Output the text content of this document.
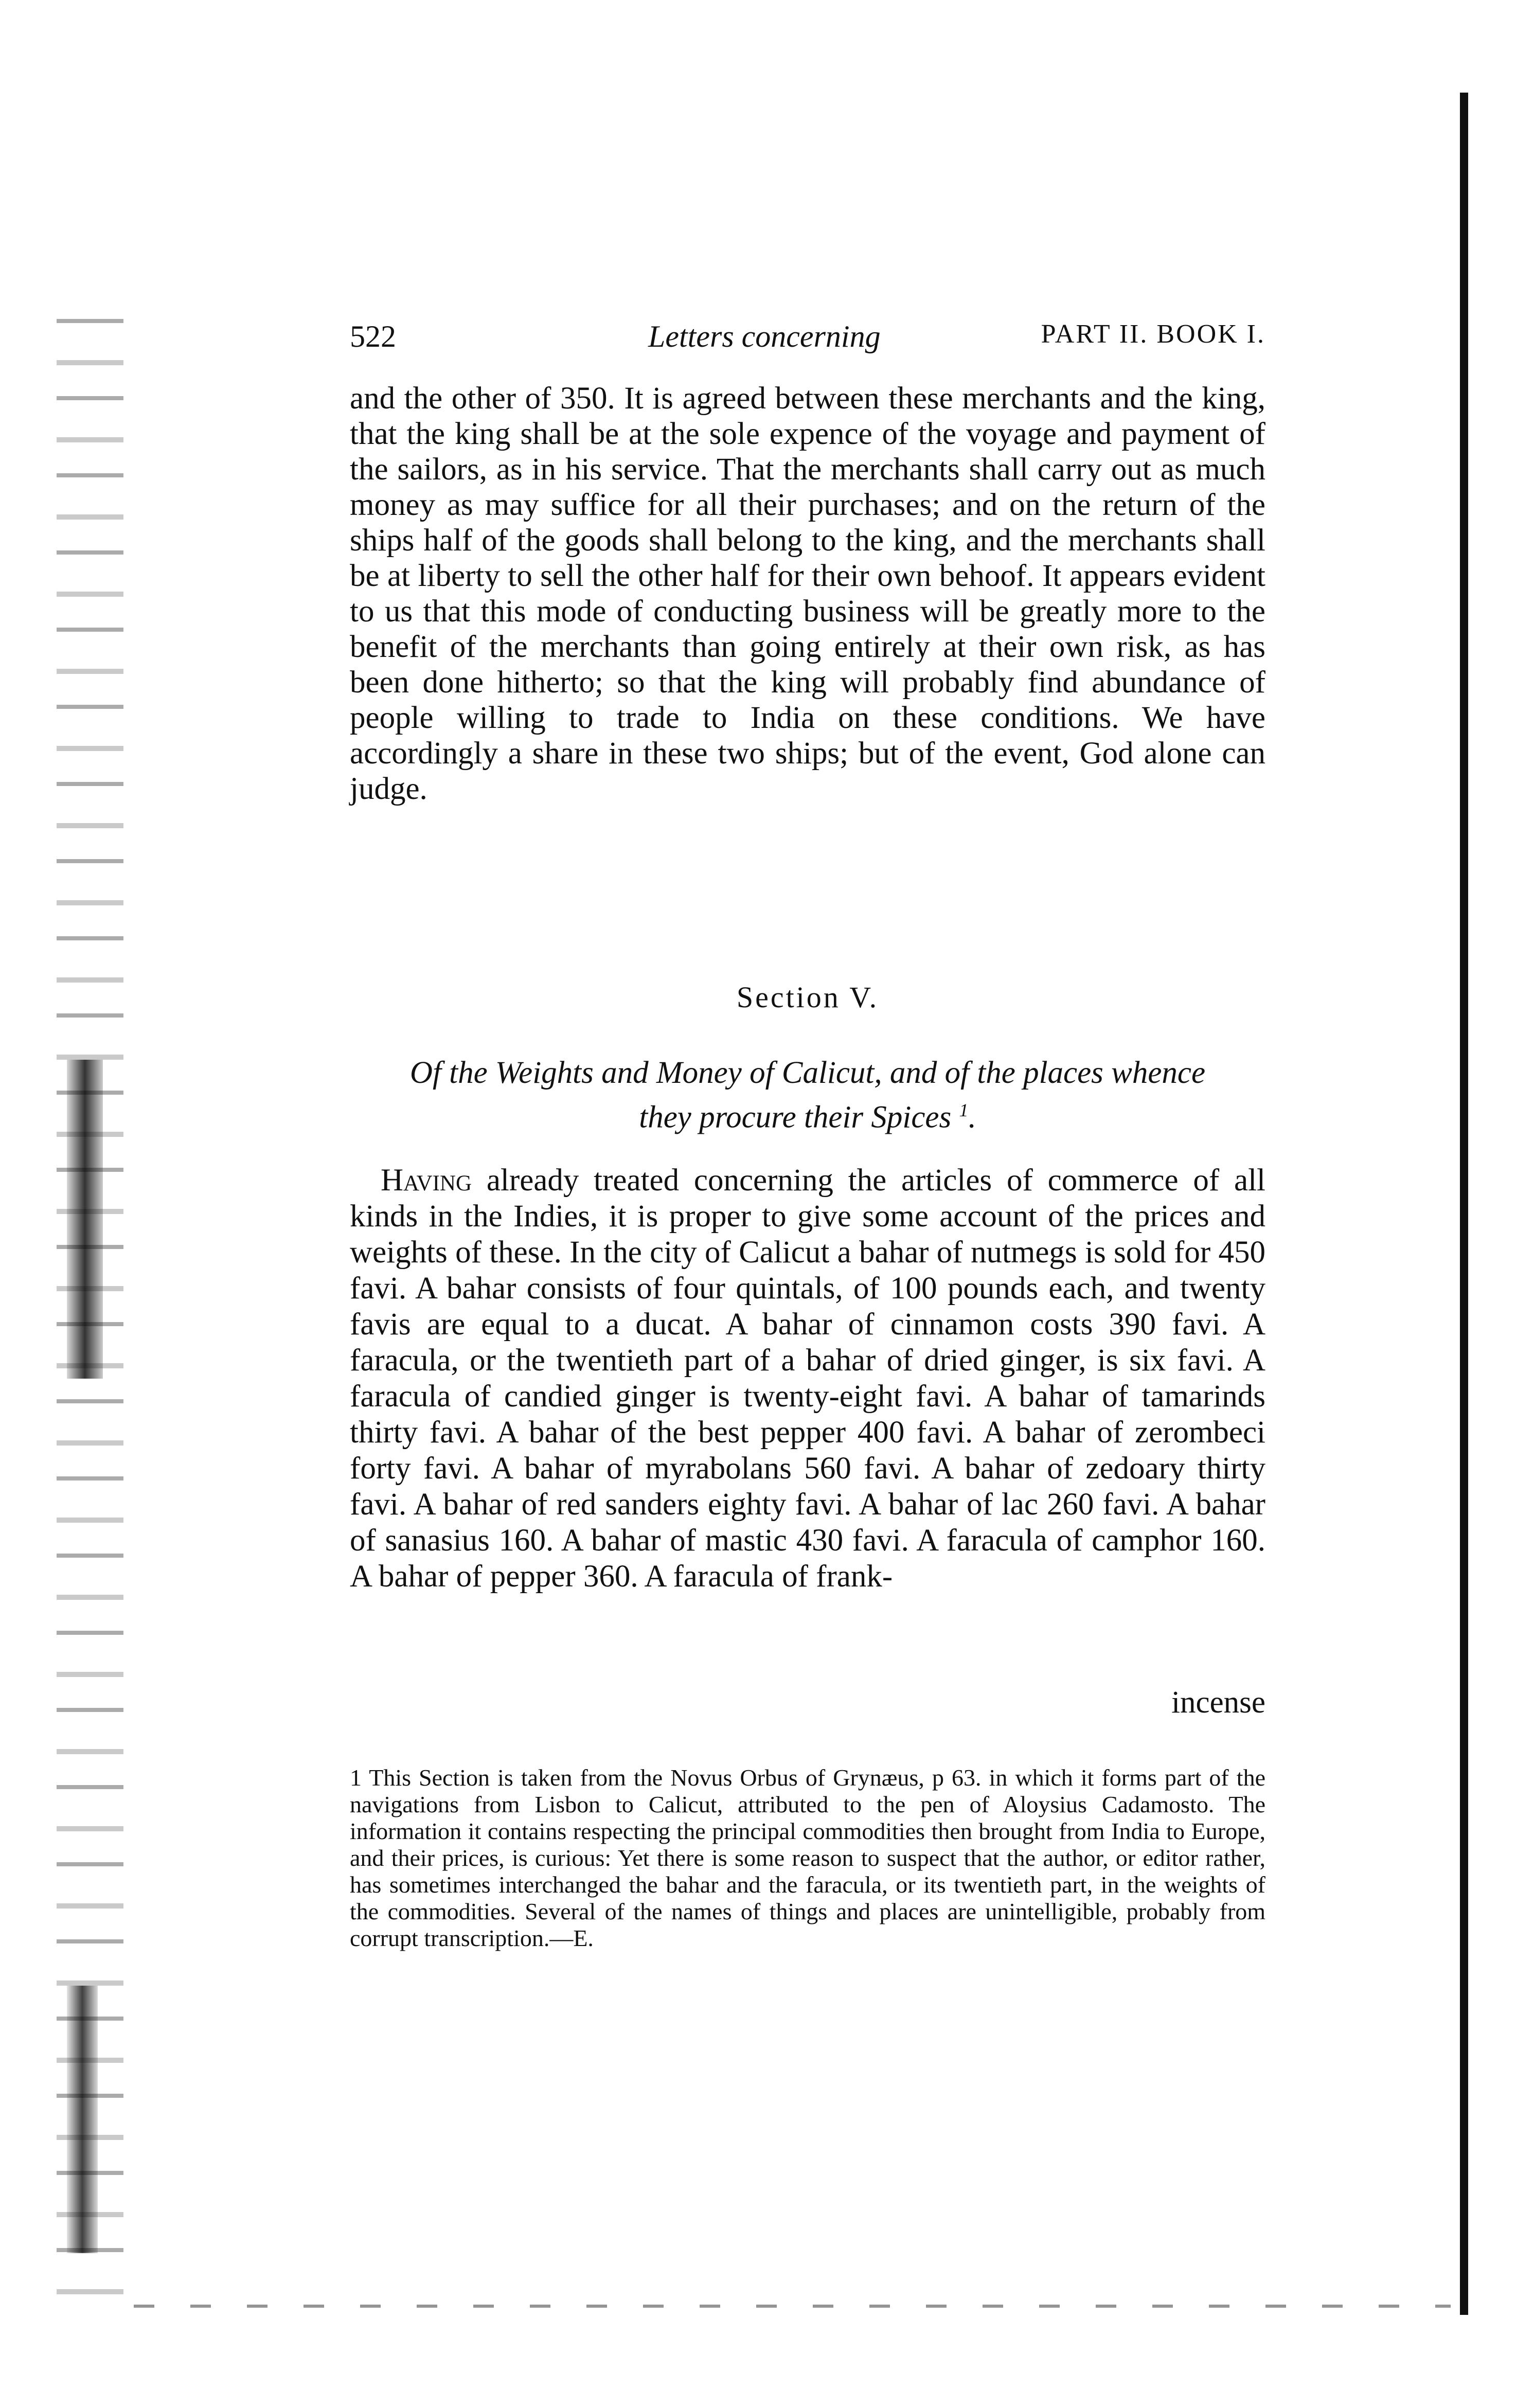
522	Letters concerning	PART II. BOOK I.

and the other of 350. It is agreed between these merchants and the king, that the king shall be at the sole expence of the voyage and payment of the sailors, as in his service. That the merchants shall carry out as much money as may suffice for all their purchases; and on the return of the ships half of the goods shall belong to the king, and the merchants shall be at liberty to sell the other half for their own behoof. It appears evident to us that this mode of conducting business will be greatly more to the benefit of the merchants than going entirely at their own risk, as has been done hitherto; so that the king will probably find abundance of people willing to trade to India on these conditions. We have accordingly a share in these two ships; but of the event, God alone can judge.

Section V.
Of the Weights and Money of Calicut, and of the places whence
they procure their Spices $^1$.

Having already treated concerning the articles of commerce of all kinds in the Indies, it is proper to give some account of the prices and weights of these. In the city of Calicut a bahar of nutmegs is sold for 450 favi. A bahar consists of four quintals, of 100 pounds each, and twenty favis are equal to a ducat. A bahar of cinnamon costs 390 favi. A faracula, or the twentieth part of a bahar of dried ginger, is six favi. A faracula of candied ginger is twenty-eight favi. A bahar of tamarinds thirty favi. A bahar of the best pepper 400 favi. A bahar of zerombeci forty favi. A bahar of myrabolans 560 favi. A bahar of zedoary thirty favi. A bahar of red sanders eighty favi. A bahar of lac 260 favi. A bahar of sanasius 160. A bahar of mastic 430 favi. A faracula of camphor 160. A bahar of pepper 360. A faracula of frank-

incense

1 This Section is taken from the Novus Orbus of Grynæus, p 63. in which it forms part of the navigations from Lisbon to Calicut, attributed to the pen of Aloysius Cadamosto. The information it contains respecting the principal commodities then brought from India to Europe, and their prices, is curious: Yet there is some reason to suspect that the author, or editor rather, has sometimes interchanged the bahar and the faracula, or its twentieth part, in the weights of the commodities. Several of the names of things and places are unintelligible, probably from corrupt transcription.—E.
